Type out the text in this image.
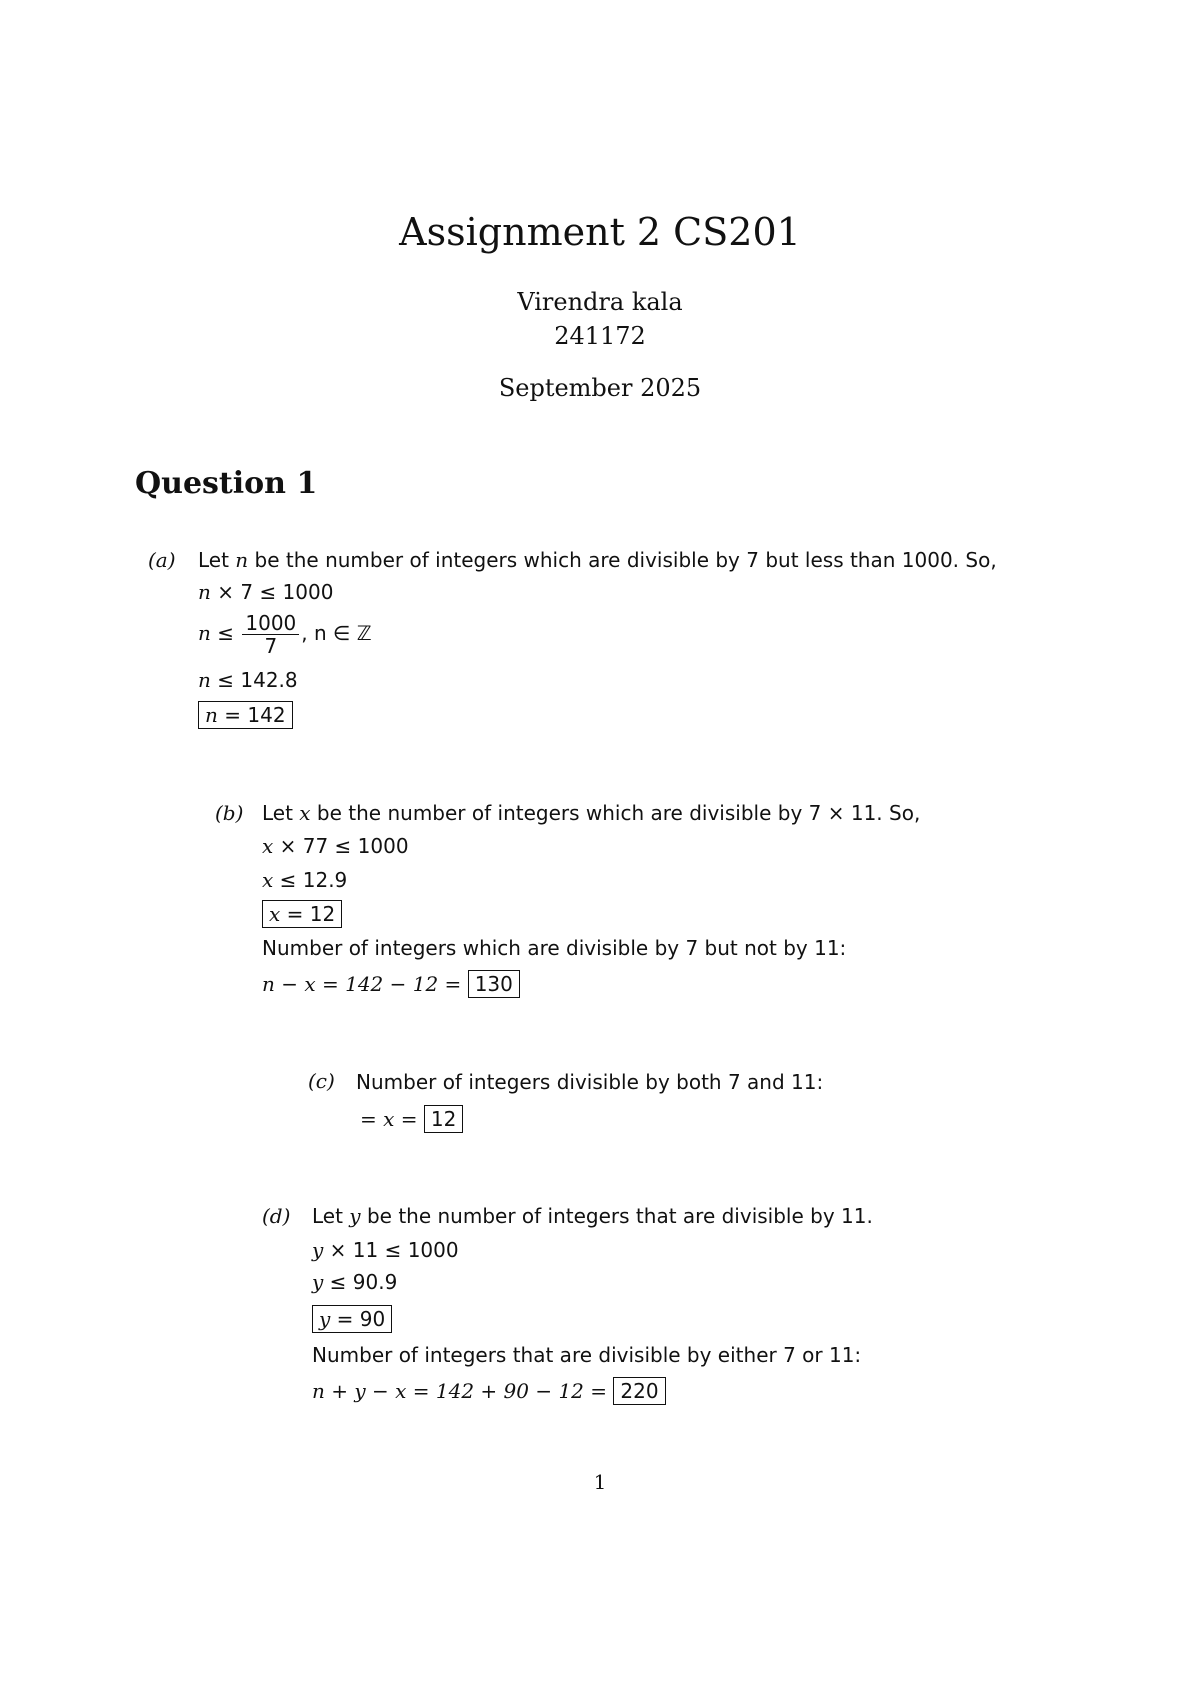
Assignment 2 CS201
Virendra kala
241172
September 2025
Question 1
(a) Let n be the number of integers which are divisible by 7 but less than 1000. So,
n × 7 ≤ 1000
$n \le \frac{1000}{7}$ , n ∈ ℤ
n ≤ 142.8
n = 142
(b) Let x be the number of integers which are divisible by 7 × 11. So,
x × 77 ≤ 1000
x ≤ 12.9
x = 12
Number of integers which are divisible by 7 but not by 11:
n − x = 142 − 12 = 130
(c) Number of integers divisible by both 7 and 11:
= x = 12
(d) Let y be the number of integers that are divisible by 11.
y × 11 ≤ 1000
y ≤ 90.9
y = 90
Number of integers that are divisible by either 7 or 11:
n + y − x = 142 + 90 − 12 = 220
1
